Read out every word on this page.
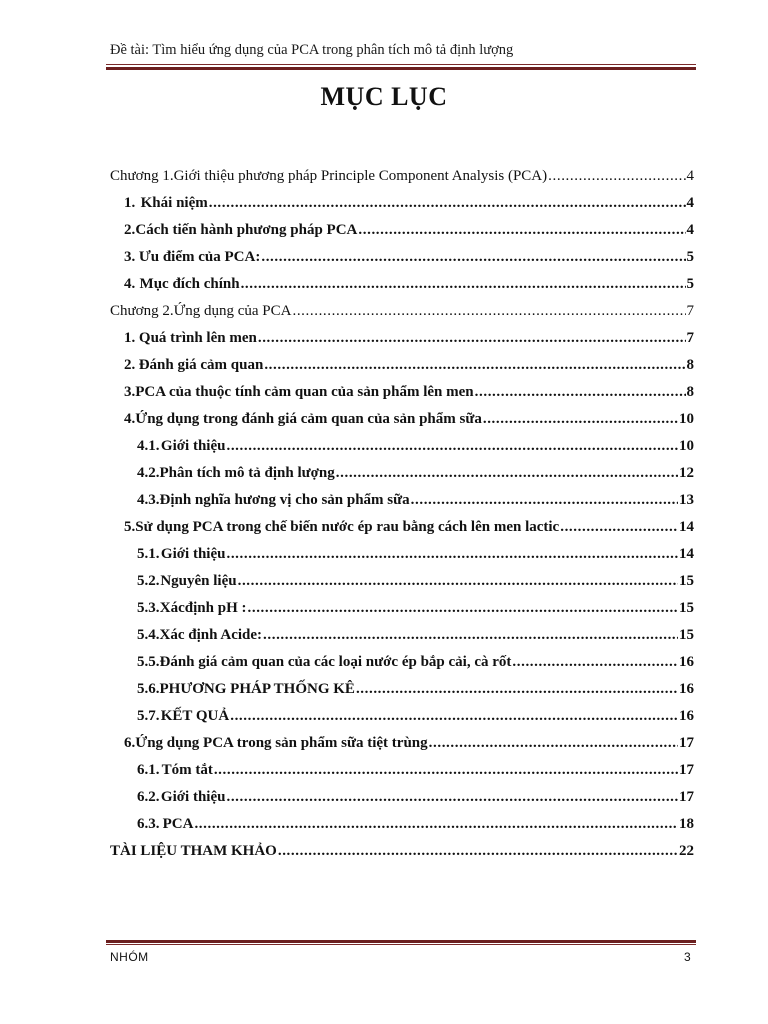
Đề tài: Tìm hiểu ứng dụng của PCA trong phân tích mô tả định lượng
MỤC LỤC
Chương 1. Giới thiệu phương pháp Principle Component Analysis (PCA) .....	4
1. Khái niệm .....	4
2. Cách tiến hành phương pháp PCA .....	4
3. Ưu điểm của PCA: .....	5
4. Mục đích chính .....	5
Chương 2. Ứng dụng của PCA .....	7
1. Quá trình lên men .....	7
2. Đánh giá cảm quan .....	8
3. PCA của thuộc tính cảm quan của sản phẩm lên men .....	8
4. Ứng dụng trong đánh giá cảm quan của sản phẩm sữa .....	10
4.1. Giới thiệu .....	10
4.2. Phân tích mô tả định lượng .....	12
4.3. Định nghĩa hương vị cho sản phẩm sữa .....	13
5. Sử dụng PCA trong chế biến nước ép rau bằng cách lên men lactic .....	14
5.1. Giới thiệu .....	14
5.2. Nguyên liệu .....	15
5.3. Xácđịnh pH : .....	15
5.4. Xác định Acide: .....	15
5.5. Đánh giá cảm quan của các loại nước ép bắp cải, cà rốt .....	16
5.6. PHƯƠNG PHÁP THỐNG KÊ .....	16
5.7. KẾT QUẢ .....	16
6. Ứng dụng PCA trong sản phẩm sữa tiệt trùng .....	17
6.1. Tóm tắt .....	17
6.2. Giới thiệu .....	17
6.3. PCA .....	18
TÀI LIỆU THAM KHẢO .....	22
NHÓM	3
